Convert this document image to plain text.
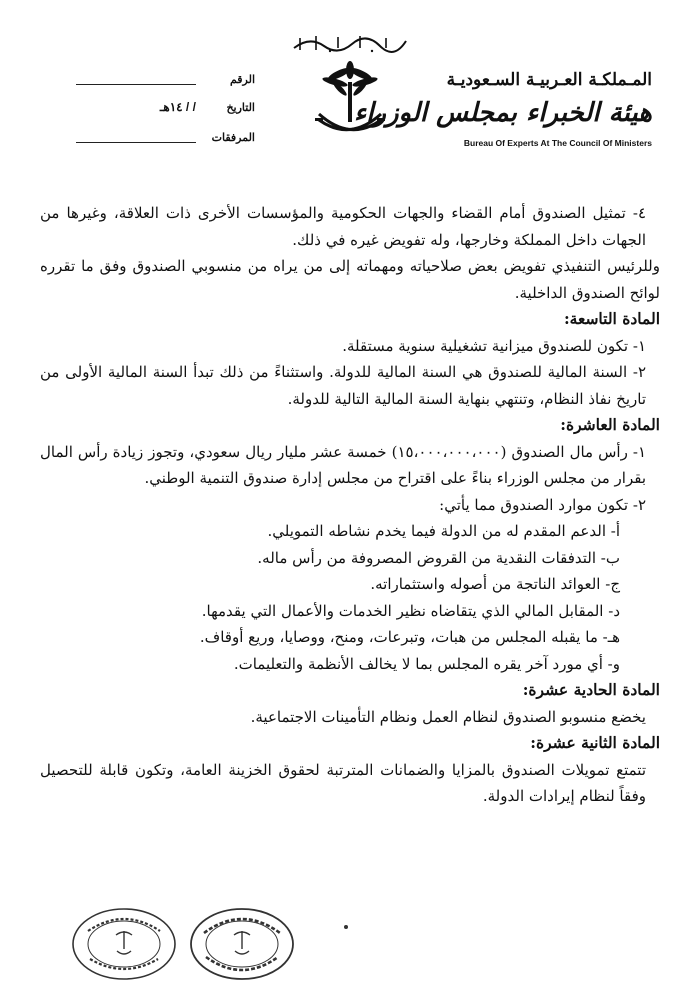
المـملكـة العـربيـة السـعوديـة
هيئة الخبراء بمجلس الوزراء
Bureau Of Experts At The Council Of Ministers
الرقم
التاريخ / / ١٤هـ
المرفقات

٤- تمثيل الصندوق أمام القضاء والجهات الحكومية والمؤسسات الأخرى ذات العلاقة، وغيرها من الجهات داخل المملكة وخارجها، وله تفويض غيره في ذلك.

وللرئيس التنفيذي تفويض بعض صلاحياته ومهماته إلى من يراه من منسوبي الصندوق وفق ما تقرره لوائح الصندوق الداخلية.

المادة التاسعة:

١- تكون للصندوق ميزانية تشغيلية سنوية مستقلة.

٢- السنة المالية للصندوق هي السنة المالية للدولة. واستثناءً من ذلك تبدأ السنة المالية الأولى من تاريخ نفاذ النظام، وتنتهي بنهاية السنة المالية التالية للدولة.

المادة العاشرة:

١- رأس مال الصندوق (١٥،٠٠٠،٠٠٠،٠٠٠) خمسة عشر مليار ريال سعودي، وتجوز زيادة رأس المال بقرار من مجلس الوزراء بناءً على اقتراح من مجلس إدارة صندوق التنمية الوطني.

٢- تكون موارد الصندوق مما يأتي:

أ- الدعم المقدم له من الدولة فيما يخدم نشاطه التمويلي.

ب- التدفقات النقدية من القروض المصروفة من رأس ماله.

ج- العوائد الناتجة من أصوله واستثماراته.

د- المقابل المالي الذي يتقاضاه نظير الخدمات والأعمال التي يقدمها.

هـ- ما يقبله المجلس من هبات، وتبرعات، ومنح، ووصايا، وريع أوقاف.

و- أي مورد آخر يقره المجلس بما لا يخالف الأنظمة والتعليمات.

المادة الحادية عشرة:

يخضع منسوبو الصندوق لنظام العمل ونظام التأمينات الاجتماعية.

المادة الثانية عشرة:

تتمتع تمويلات الصندوق بالمزايا والضمانات المترتبة لحقوق الخزينة العامة، وتكون قابلة للتحصيل وفقاً لنظام إيرادات الدولة.
